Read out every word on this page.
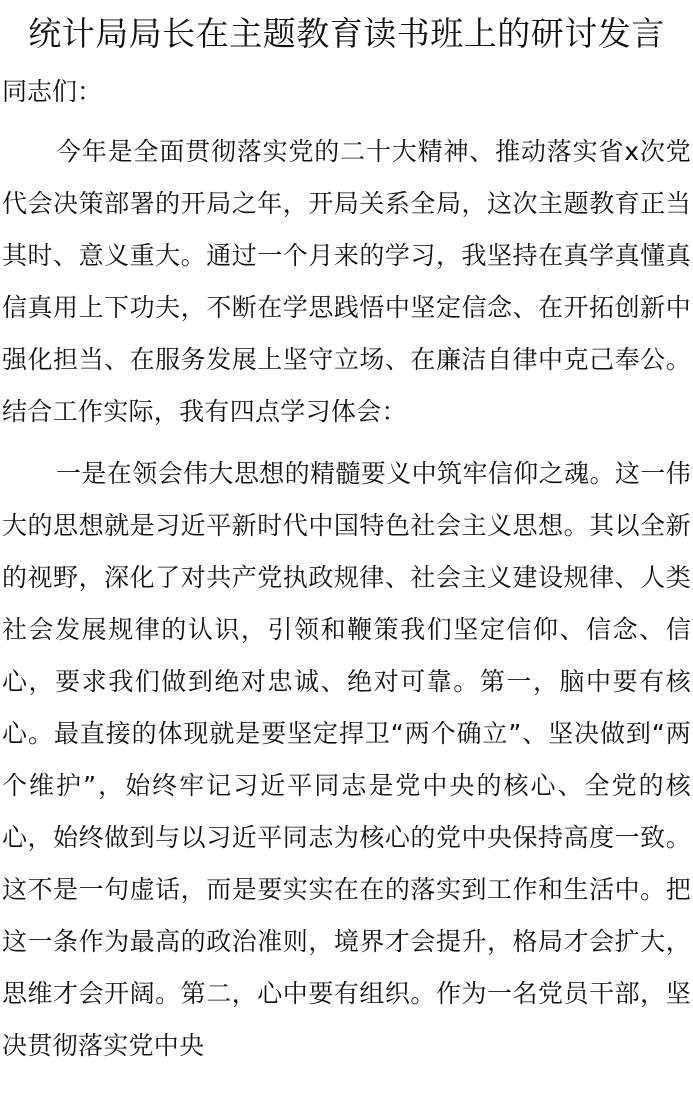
统计局局长在主题教育读书班上的研讨发言
同志们：

今年是全面贯彻落实党的二十大精神、推动落实省x次党代会决策部署的开局之年，开局关系全局，这次主题教育正当其时、意义重大。通过一个月来的学习，我坚持在真学真懂真信真用上下功夫，不断在学思践悟中坚定信念、在开拓创新中强化担当、在服务发展上坚守立场、在廉洁自律中克己奉公。结合工作实际，我有四点学习体会：

一是在领会伟大思想的精髓要义中筑牢信仰之魂。这一伟大的思想就是习近平新时代中国特色社会主义思想。其以全新的视野，深化了对共产党执政规律、社会主义建设规律、人类社会发展规律的认识，引领和鞭策我们坚定信仰、信念、信心，要求我们做到绝对忠诚、绝对可靠。第一，脑中要有核心。最直接的体现就是要坚定捍卫“两个确立”、坚决做到“两个维护”，始终牢记习近平同志是党中央的核心、全党的核心，始终做到与以习近平同志为核心的党中央保持高度一致。这不是一句虚话，而是要实实在在的落实到工作和生活中。把这一条作为最高的政治准则，境界才会提升，格局才会扩大，思维才会开阔。第二，心中要有组织。作为一名党员干部，坚决贯彻落实党中央
